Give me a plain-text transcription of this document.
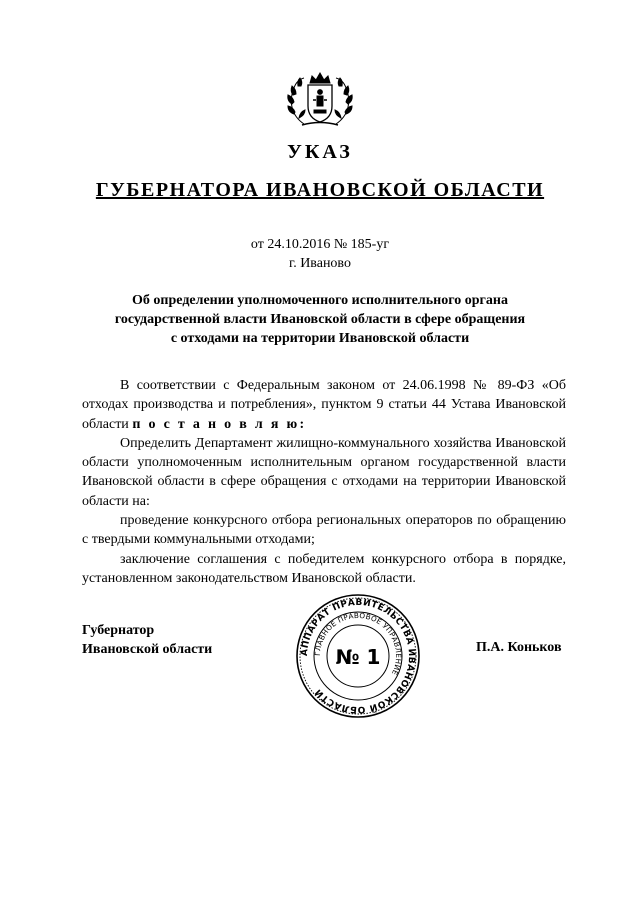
УКАЗ
ГУБЕРНАТОРА ИВАНОВСКОЙ ОБЛАСТИ
от 24.10.2016 № 185-уг
г. Иваново
Об определении уполномоченного исполнительного органа
государственной власти Ивановской области в сфере обращения
с отходами на территории Ивановской области

В соответствии с Федеральным законом от 24.06.1998 № 89-ФЗ «Об отходах производства и потребления», пунктом 9 статьи 44 Устава Ивановской области п о с т а н о в л я ю:

Определить Департамент жилищно-коммунального хозяйства Ивановской области уполномоченным исполнительным органом государственной власти Ивановской области в сфере обращения с отходами на территории Ивановской области на:

проведение конкурсного отбора региональных операторов по обращению с твердыми коммунальными отходами;

заключение соглашения с победителем конкурсного отбора в порядке, установленном законодательством Ивановской области.

Губернатор
Ивановской области	П.А. Коньков
АППАРАТ ПРАВИТЕЛЬСТВА ИВАНОВСКОЙ ОБЛАСТИ
ГЛАВНОЕ ПРАВОВОЕ УПРАВЛЕНИЕ
№ 1
